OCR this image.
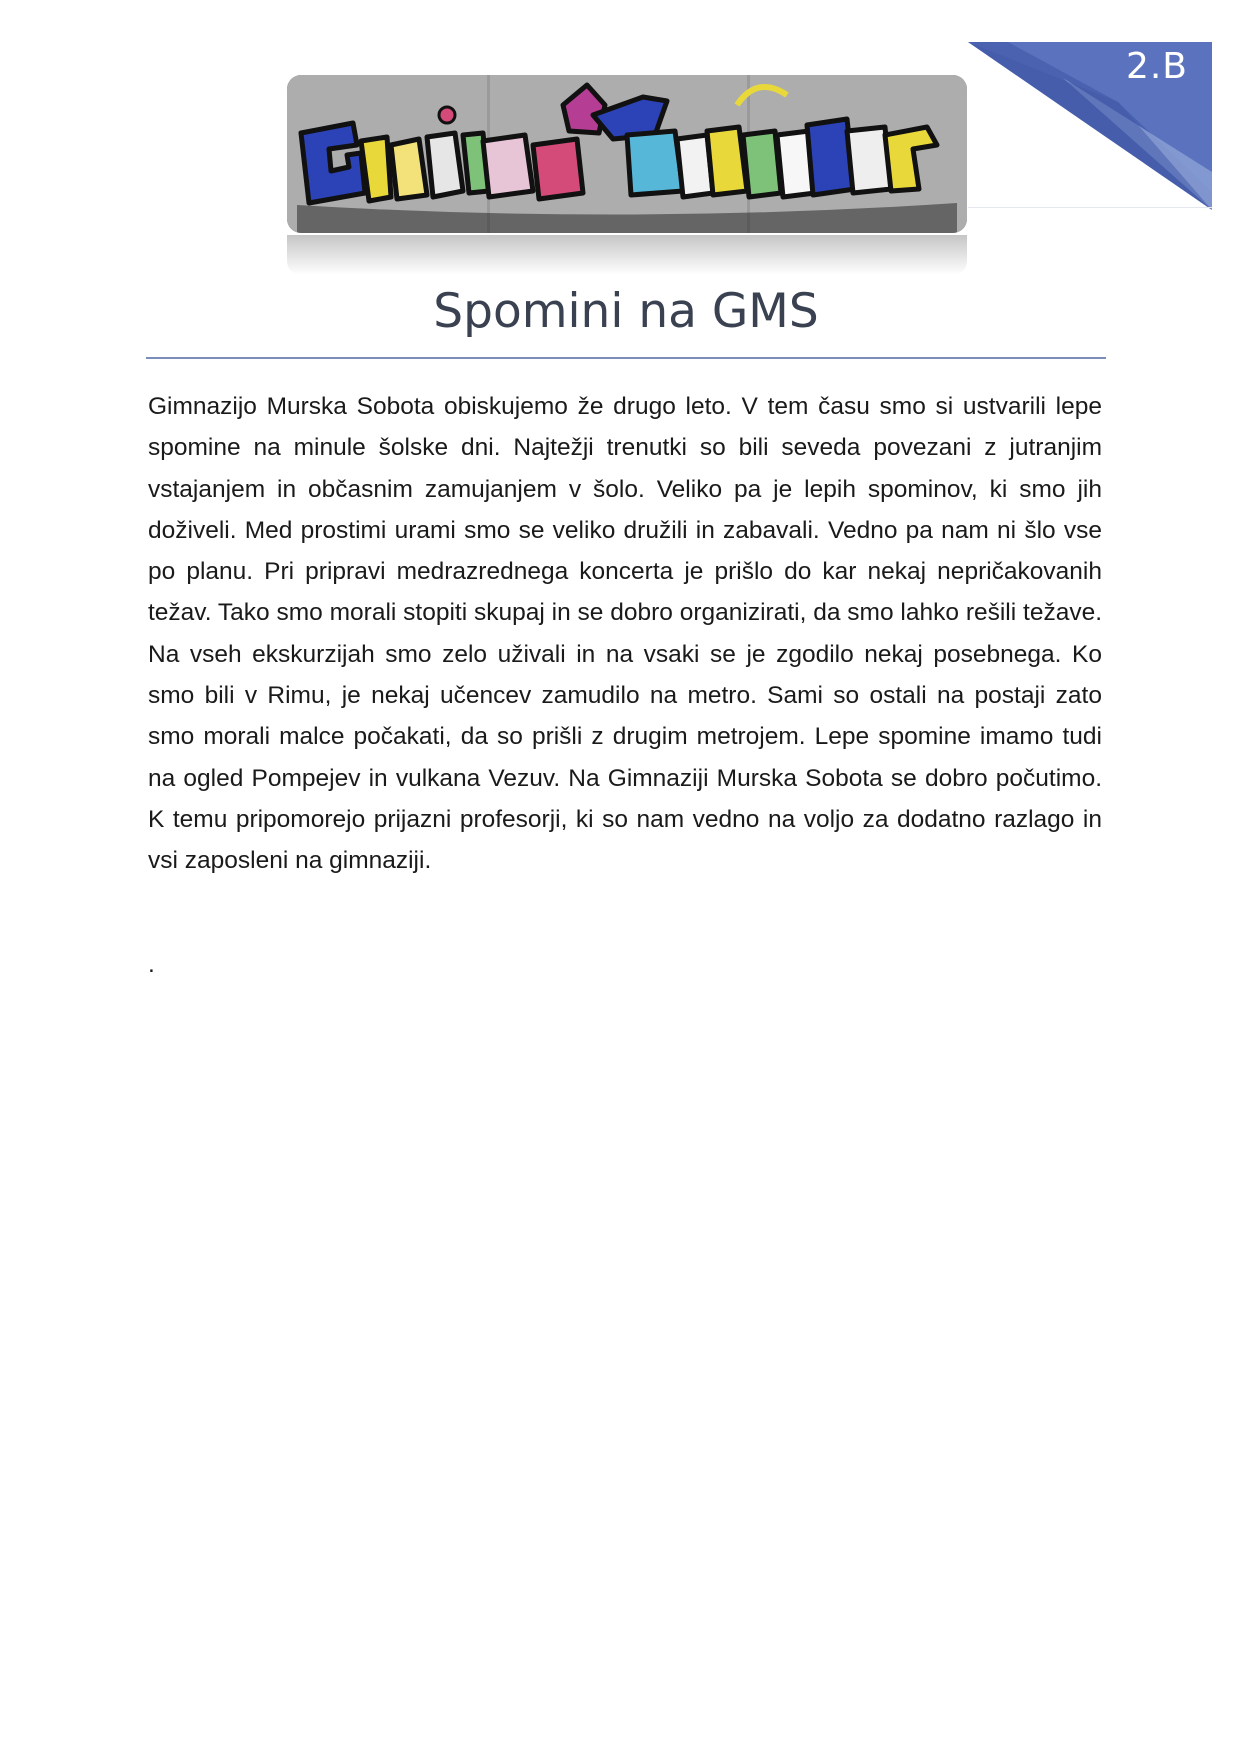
2.B
Spomini na GMS

Gimnazijo Murska Sobota obiskujemo že drugo leto. V tem času smo si ustvarili lepe spomine na minule šolske dni. Najtežji trenutki so bili seveda povezani z jutranjim vstajanjem in občasnim zamujanjem v šolo. Veliko pa je lepih spominov, ki smo jih doživeli. Med prostimi urami smo se veliko družili in zabavali. Vedno pa nam ni šlo vse po planu. Pri pripravi medrazrednega koncerta je prišlo do kar nekaj nepričakovanih težav. Tako smo morali stopiti skupaj in se dobro organizirati, da smo lahko rešili težave. Na vseh ekskurzijah smo zelo uživali in na vsaki se je zgodilo nekaj posebnega. Ko smo bili v Rimu, je nekaj učencev zamudilo na metro. Sami so ostali na postaji zato smo morali malce počakati, da so prišli z drugim metrojem. Lepe spomine imamo tudi na ogled Pompejev in vulkana Vezuv. Na Gimnaziji Murska Sobota se dobro počutimo. K temu pripomorejo prijazni profesorji, ki so nam vedno na voljo za dodatno razlago in vsi zaposleni na gimnaziji.

.
